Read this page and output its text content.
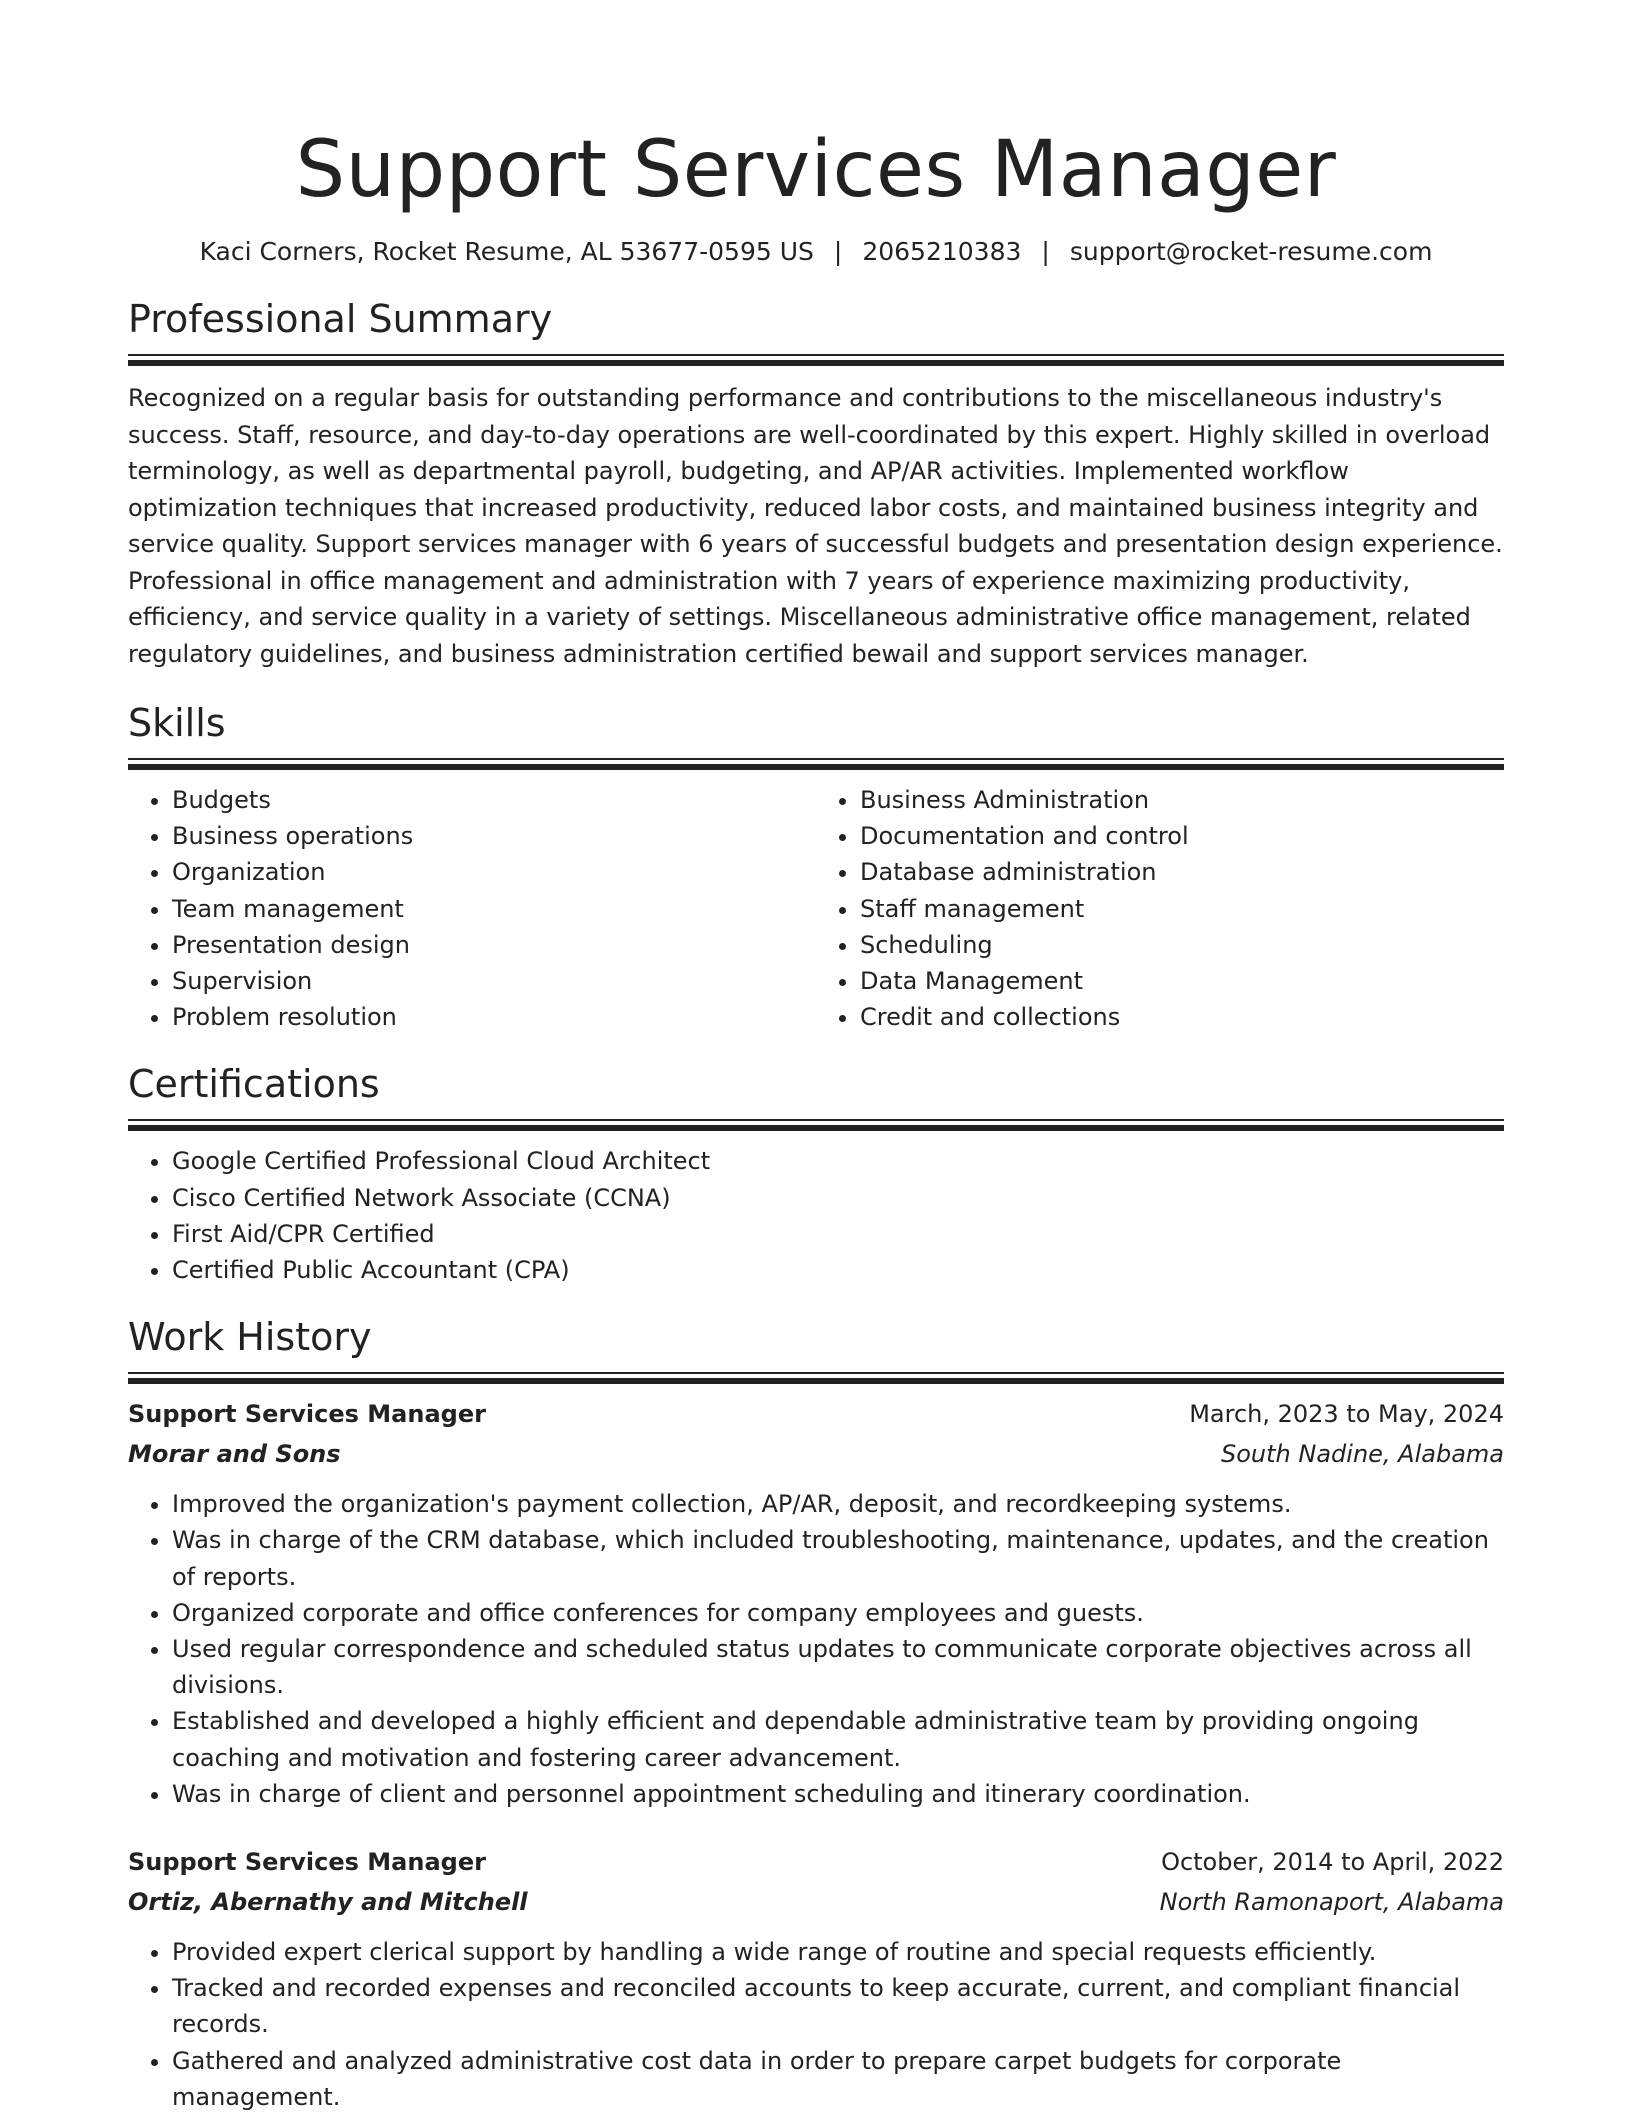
Support Services Manager
Kaci Corners, Rocket Resume, AL 53677-0595 US | 2065210383 | support@rocket-resume.com
Professional Summary

Recognized on a regular basis for outstanding performance and contributions to the miscellaneous industry's success. Staff, resource, and day-to-day operations are well-coordinated by this expert. Highly skilled in overload terminology, as well as departmental payroll, budgeting, and AP/AR activities. Implemented workflow optimization techniques that increased productivity, reduced labor costs, and maintained business integrity and service quality. Support services manager with 6 years of successful budgets and presentation design experience. Professional in office management and administration with 7 years of experience maximizing productivity, efficiency, and service quality in a variety of settings. Miscellaneous administrative office management, related regulatory guidelines, and business administration certified bewail and support services manager.

Skills
• Budgets
• Business operations
• Organization
• Team management
• Presentation design
• Supervision
• Problem resolution
• Business Administration
• Documentation and control
• Database administration
• Staff management
• Scheduling
• Data Management
• Credit and collections
Certifications
• Google Certified Professional Cloud Architect
• Cisco Certified Network Associate (CCNA)
• First Aid/CPR Certified
• Certified Public Accountant (CPA)
Work History
Support Services Manager	March, 2023 to May, 2024
Morar and Sons	South Nadine, Alabama
• Improved the organization's payment collection, AP/AR, deposit, and recordkeeping systems.
• Was in charge of the CRM database, which included troubleshooting, maintenance, updates, and the creation of reports.
• Organized corporate and office conferences for company employees and guests.
• Used regular correspondence and scheduled status updates to communicate corporate objectives across all divisions.
• Established and developed a highly efficient and dependable administrative team by providing ongoing coaching and motivation and fostering career advancement.
• Was in charge of client and personnel appointment scheduling and itinerary coordination.
Support Services Manager	October, 2014 to April, 2022
Ortiz, Abernathy and Mitchell	North Ramonaport, Alabama
• Provided expert clerical support by handling a wide range of routine and special requests efficiently.
• Tracked and recorded expenses and reconciled accounts to keep accurate, current, and compliant financial records.
• Gathered and analyzed administrative cost data in order to prepare carpet budgets for corporate management.
